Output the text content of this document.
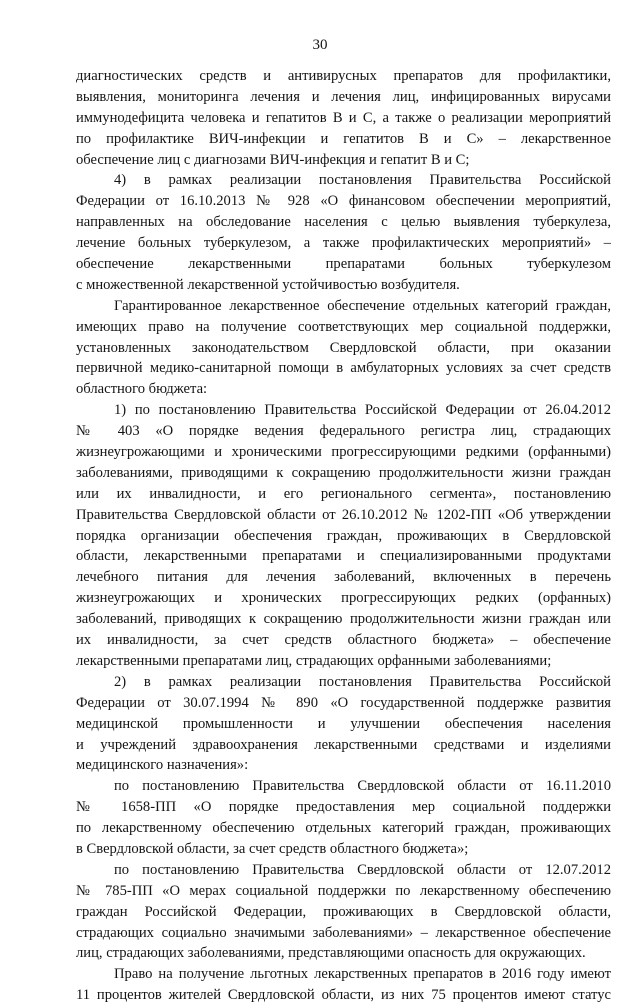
30
диагностических средств и антивирусных препаратов для профилактики,
выявления, мониторинга лечения и лечения лиц, инфицированных вирусами
иммунодефицита человека и гепатитов В и С, а также о реализации мероприятий
по профилактике ВИЧ-инфекции и гепатитов В и С» – лекарственное
обеспечение лиц с диагнозами ВИЧ-инфекция и гепатит В и С;
4) в рамках реализации постановления Правительства Российской
Федерации от 16.10.2013 № 928 «О финансовом обеспечении мероприятий,
направленных на обследование населения с целью выявления туберкулеза,
лечение больных туберкулезом, а также профилактических мероприятий» –
обеспечение лекарственными препаратами больных туберкулезом
с множественной лекарственной устойчивостью возбудителя.
Гарантированное лекарственное обеспечение отдельных категорий граждан,
имеющих право на получение соответствующих мер социальной поддержки,
установленных законодательством Свердловской области, при оказании
первичной медико-санитарной помощи в амбулаторных условиях за счет средств
областного бюджета:
1) по постановлению Правительства Российской Федерации от 26.04.2012
№ 403 «О порядке ведения федерального регистра лиц, страдающих
жизнеугрожающими и хроническими прогрессирующими редкими (орфанными)
заболеваниями, приводящими к сокращению продолжительности жизни граждан
или их инвалидности, и его регионального сегмента», постановлению
Правительства Свердловской области от 26.10.2012 № 1202-ПП «Об утверждении
порядка организации обеспечения граждан, проживающих в Свердловской
области, лекарственными препаратами и специализированными продуктами
лечебного питания для лечения заболеваний, включенных в перечень
жизнеугрожающих и хронических прогрессирующих редких (орфанных)
заболеваний, приводящих к сокращению продолжительности жизни граждан или
их инвалидности, за счет средств областного бюджета» – обеспечение
лекарственными препаратами лиц, страдающих орфанными заболеваниями;
2) в рамках реализации постановления Правительства Российской
Федерации от 30.07.1994 № 890 «О государственной поддержке развития
медицинской промышленности и улучшении обеспечения населения
и учреждений здравоохранения лекарственными средствами и изделиями
медицинского назначения»:
по постановлению Правительства Свердловской области от 16.11.2010
№ 1658-ПП «О порядке предоставления мер социальной поддержки
по лекарственному обеспечению отдельных категорий граждан, проживающих
в Свердловской области, за счет средств областного бюджета»;
по постановлению Правительства Свердловской области от 12.07.2012
№ 785-ПП «О мерах социальной поддержки по лекарственному обеспечению
граждан Российской Федерации, проживающих в Свердловской области,
страдающих социально значимыми заболеваниями» – лекарственное обеспечение
лиц, страдающих заболеваниями, представляющими опасность для окружающих.
Право на получение льготных лекарственных препаратов в 2016 году имеют
11 процентов жителей Свердловской области, из них 75 процентов имеют статус
